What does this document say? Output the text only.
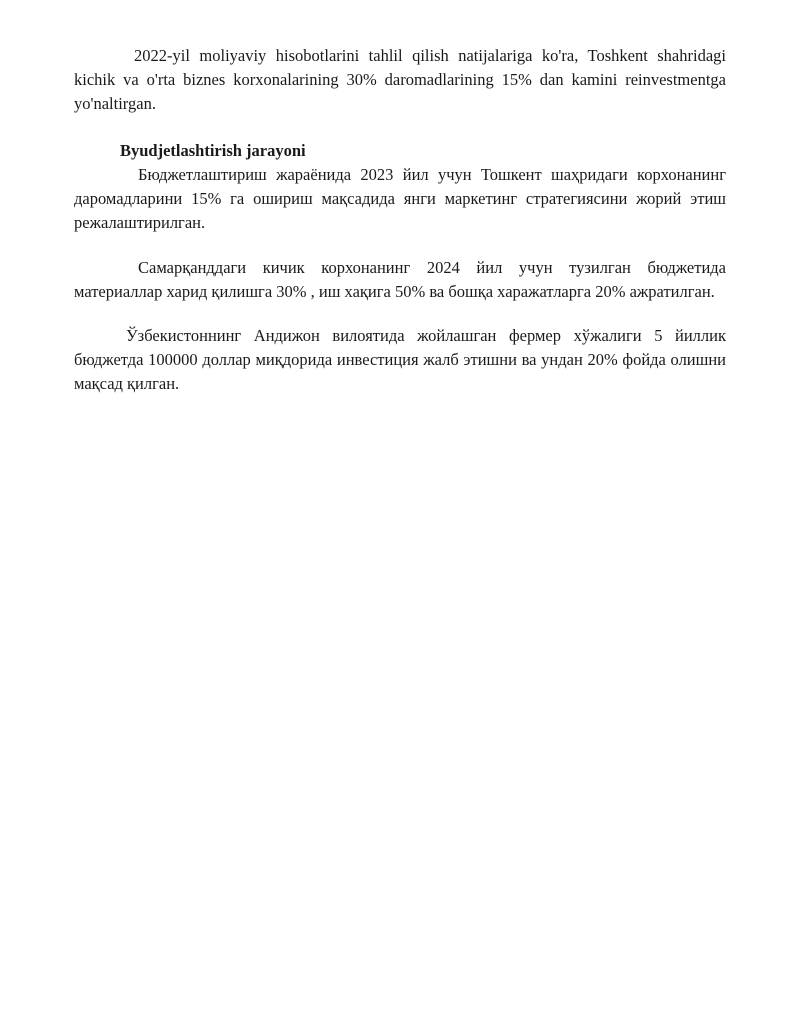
2022-yil moliyaviy hisobotlarini tahlil qilish natijalariga ko'ra, Toshkent shahridagi kichik va o'rta biznes korxonalarining 30% daromadlarining 15% dan kamini reinvestmentga yo'naltirgan.

Byudjetlashtirish jarayoni

Бюджетлаштириш жараёнида 2023 йил учун Тошкент шаҳридаги корхонанинг даромадларини 15% га ошириш мақсадида янги маркетинг стратегиясини жорий этиш режалаштирилган.

Самарқанддаги кичик корхонанинг 2024 йил учун тузилган бюджетида материаллар харид қилишга 30% , иш хақига 50% ва бошқа харажатларга 20% ажратилган.

Ўзбекистоннинг Андижон вилоятида жойлашган фермер хўжалиги 5 йиллик бюджетда 100000 доллар миқдорида инвестиция жалб этишни ва ундан 20% фойда олишни мақсад қилган.
